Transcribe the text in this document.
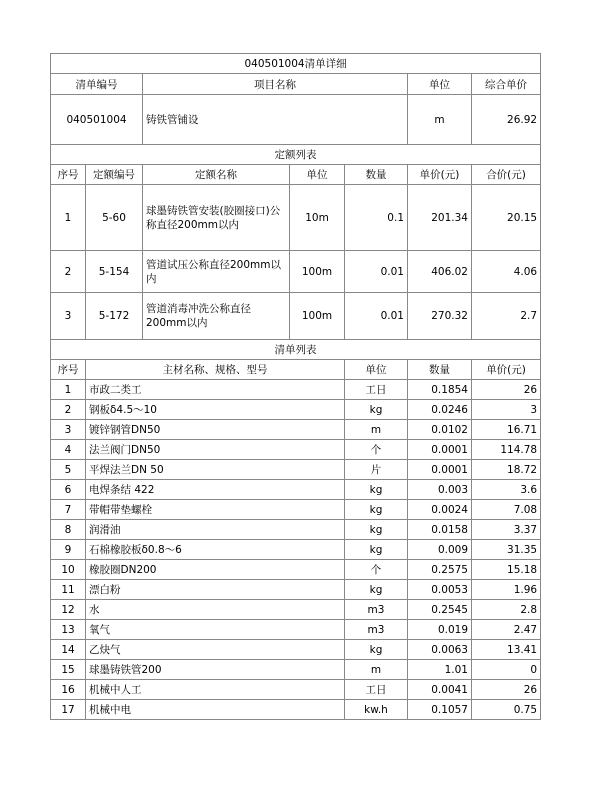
040501004清单详细							
清单编号		项目名称			单位	综合单价	
040501004		铸铁管铺设			m	26.92	
定额列表							
序号	定额编号	定额名称	单位	数量	单价(元)	合价(元)	
1	5-60	球墨铸铁管安装(胶圈接口)公称直径200mm以内	10m	0.1	201.34	20.15	
2	5-154	管道试压公称直径200mm以内	100m	0.01	406.02	4.06	
3	5-172	管道消毒冲洗公称直径200mm以内	100m	0.01	270.32	2.7	
清单列表							
序号	主材名称、规格、型号			单位	数量	单价(元)	
1	市政二类工			工日	0.1854	26	
2	钢板δ4.5～10			kg	0.0246	3	
3	镀锌钢管DN50			m	0.0102	16.71	
4	法兰阀门DN50			个	0.0001	114.78	
5	平焊法兰DN 50			片	0.0001	18.72	
6	电焊条结 422			kg	0.003	3.6	
7	带帽带垫螺栓			kg	0.0024	7.08	
8	润滑油			kg	0.0158	3.37	
9	石棉橡胶板δ0.8～6			kg	0.009	31.35	
10	橡胶圈DN200			个	0.2575	15.18	
11	漂白粉			kg	0.0053	1.96	
12	水			m3	0.2545	2.8	
13	氧气			m3	0.019	2.47	
14	乙炔气			kg	0.0063	13.41	
15	球墨铸铁管200			m	1.01	0	
16	机械中人工			工日	0.0041	26	
17	机械中电			kw.h	0.1057	0.75	
